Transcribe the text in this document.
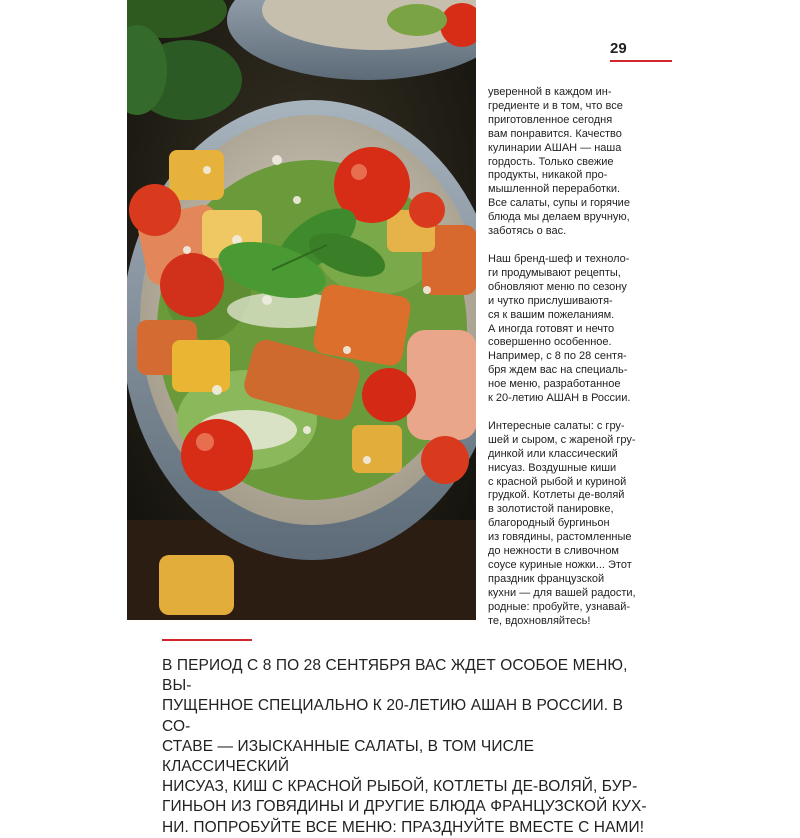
29

уверенной в каждом ин-
гредиенте и в том, что все
приготовленное сегодня
вам понравится. Качество
кулинарии АШАН — наша
гордость. Только свежие
продукты, никакой про-
мышленной переработки.
Все салаты, супы и горячие
блюда мы делаем вручную,
заботясь о вас.

Наш бренд-шеф и техноло-
ги продумывают рецепты,
обновляют меню по сезону
и чутко прислушиваютя-
ся к вашим пожеланиям.
А иногда готовят и нечто
совершенно особенное.
Например, с 8 по 28 сентя-
бря ждем вас на специаль-
ное меню, разработанное
к 20-летию АШАН в России.

Интересные салаты: с гру-
шей и сыром, с жареной гру-
динкой или классический
нисуаз. Воздушные киши
с красной рыбой и куриной
грудкой. Котлеты де-воляй
в золотистой панировке,
благородный бургиньон
из говядины, растомленные
до нежности в сливочном
соусе куриные ножки... Этот
праздник французской
кухни — для вашей радости,
родные: пробуйте, узнавай-
те, вдохновляйтесь!

В ПЕРИОД С 8 ПО 28 СЕНТЯБРЯ ВАС ЖДЕТ ОСОБОЕ МЕНЮ, ВЫ-
ПУЩЕННОЕ СПЕЦИАЛЬНО К 20-ЛЕТИЮ АШАН В РОССИИ. В СО-
СТАВЕ — ИЗЫСКАННЫЕ САЛАТЫ, В ТОМ ЧИСЛЕ КЛАССИЧЕСКИЙ
НИСУАЗ, КИШ С КРАСНОЙ РЫБОЙ, КОТЛЕТЫ ДЕ-ВОЛЯЙ, БУР-
ГИНЬОН ИЗ ГОВЯДИНЫ И ДРУГИЕ БЛЮДА ФРАНЦУЗСКОЙ КУХ-
НИ. ПОПРОБУЙТЕ ВСЕ МЕНЮ: ПРАЗДНУЙТЕ ВМЕСТЕ С НАМИ!
